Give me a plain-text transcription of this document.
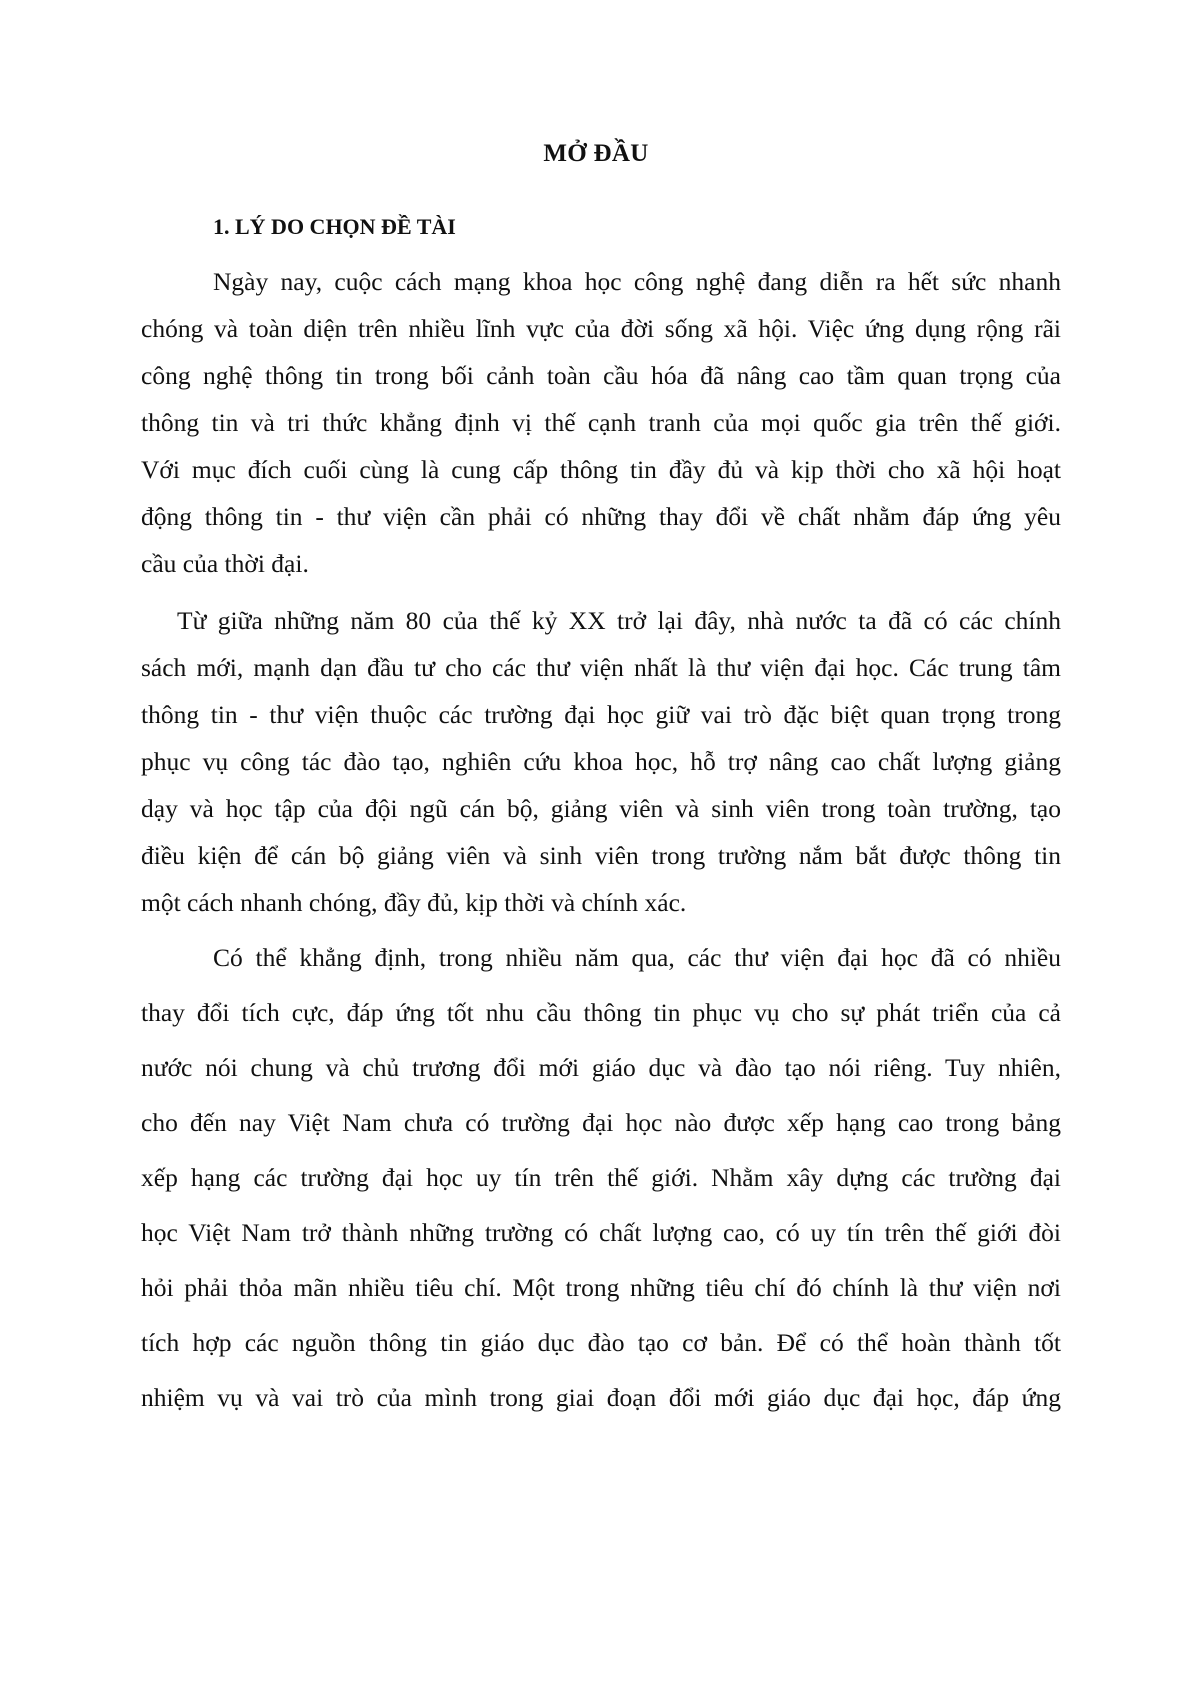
MỞ ĐẦU
1. LÝ DO CHỌN ĐỀ TÀI
Ngày nay, cuộc cách mạng khoa học công nghệ đang diễn ra hết sức nhanh
chóng và toàn diện trên nhiều lĩnh vực của đời sống xã hội. Việc ứng dụng rộng rãi
công nghệ thông tin trong bối cảnh toàn cầu hóa đã nâng cao tầm quan trọng của
thông tin và tri thức khẳng định vị thế cạnh tranh của mọi quốc gia trên thế giới.
Với mục đích cuối cùng là cung cấp thông tin đầy đủ và kịp thời cho xã hội hoạt
động thông tin - thư viện cần phải có những thay đổi về chất nhằm đáp ứng yêu
cầu của thời đại.
Từ giữa những năm 80 của thế kỷ XX trở lại đây, nhà nước ta đã có các chính
sách mới, mạnh dạn đầu tư cho các thư viện nhất là thư viện đại học. Các trung tâm
thông tin - thư viện thuộc các trường đại học giữ vai trò đặc biệt quan trọng trong
phục vụ công tác đào tạo, nghiên cứu khoa học, hỗ trợ nâng cao chất lượng giảng
dạy và học tập của đội ngũ cán bộ, giảng viên và sinh viên trong toàn trường, tạo
điều kiện để cán bộ giảng viên và sinh viên trong trường nắm bắt được thông tin
một cách nhanh chóng, đầy đủ, kịp thời và chính xác.
Có thể khẳng định, trong nhiều năm qua, các thư viện đại học đã có nhiều
thay đổi tích cực, đáp ứng tốt nhu cầu thông tin phục vụ cho sự phát triển của cả
nước nói chung và chủ trương đổi mới giáo dục và đào tạo nói riêng. Tuy nhiên,
cho đến nay Việt Nam chưa có trường đại học nào được xếp hạng cao trong bảng
xếp hạng các trường đại học uy tín trên thế giới. Nhằm xây dựng các trường đại
học Việt Nam trở thành những trường có chất lượng cao, có uy tín trên thế giới đòi
hỏi phải thỏa mãn nhiều tiêu chí. Một trong những tiêu chí đó chính là thư viện nơi
tích hợp các nguồn thông tin giáo dục đào tạo cơ bản. Để có thể hoàn thành tốt
nhiệm vụ và vai trò của mình trong giai đoạn đổi mới giáo dục đại học, đáp ứng
